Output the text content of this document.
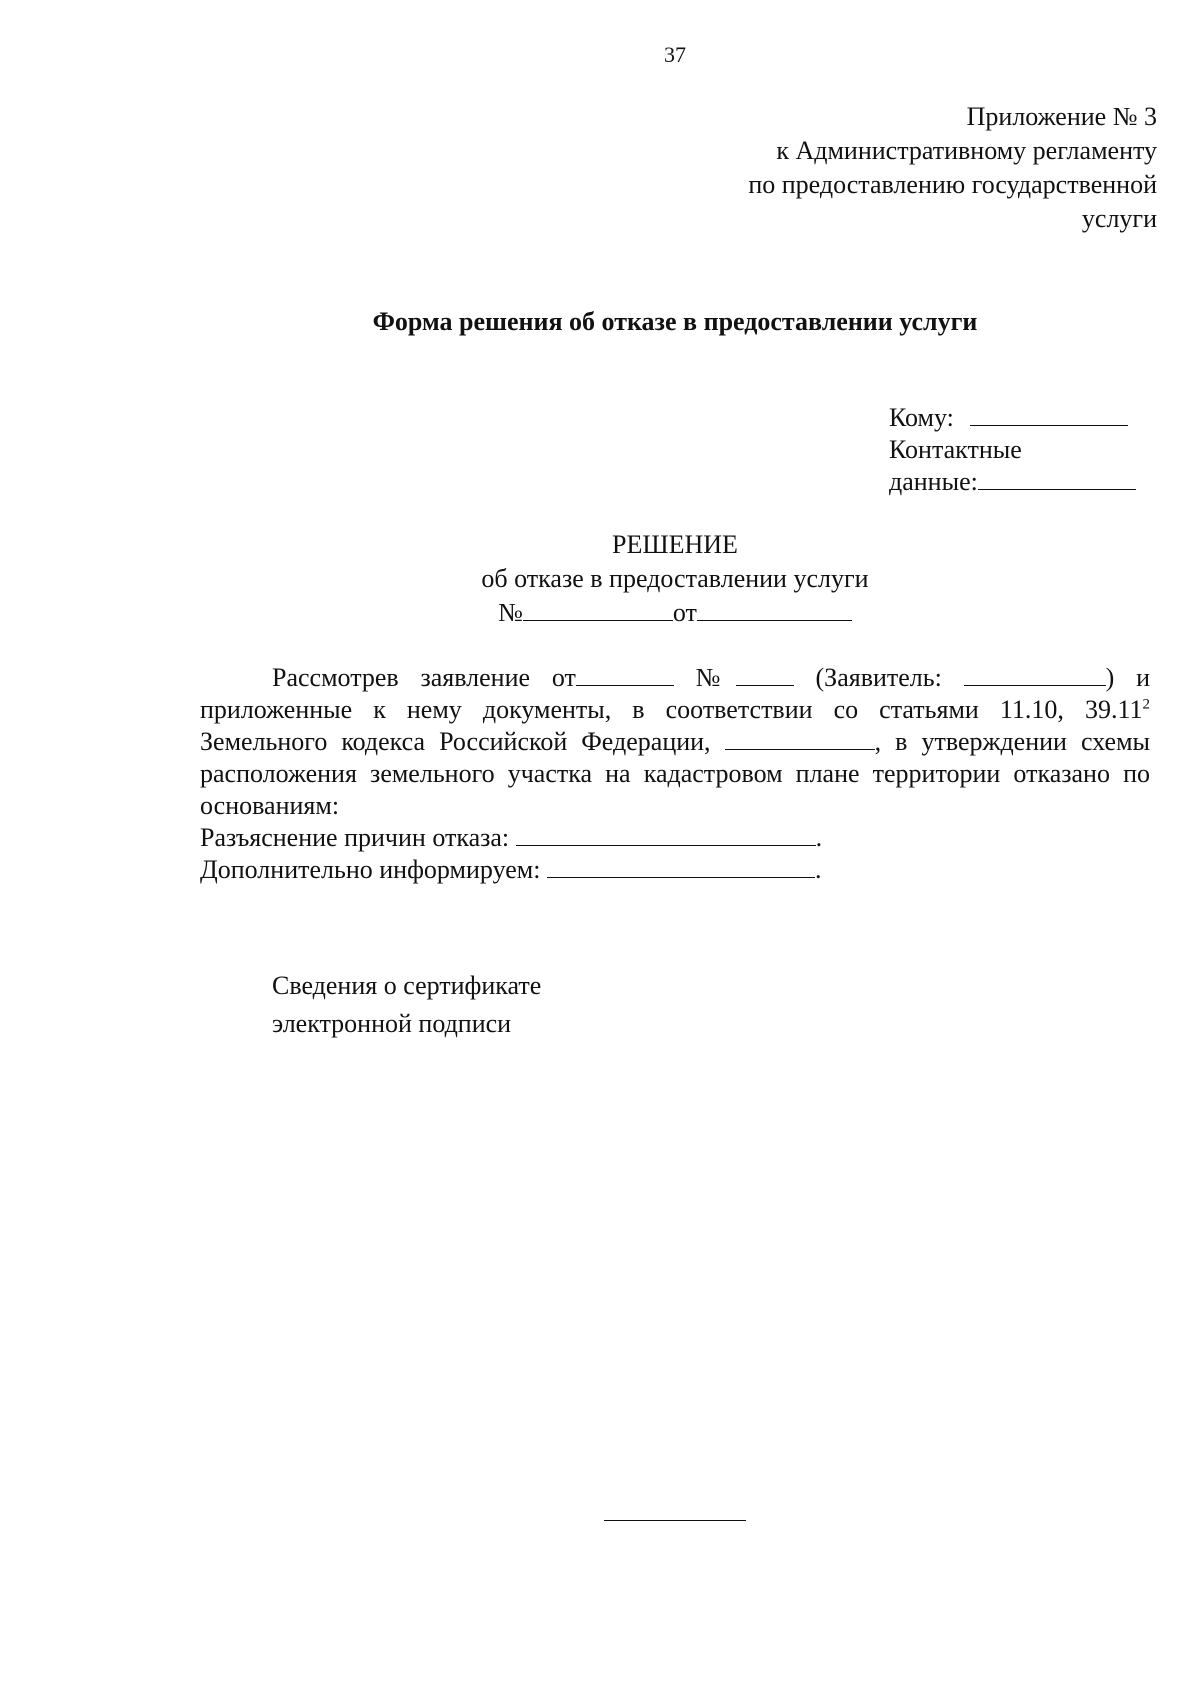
37
Приложение № 3
к Административному регламенту
по предоставлению государственной
услуги
Форма решения об отказе в предоставлении услуги
Кому:
Контактные
данные:
РЕШЕНИЕ
об отказе в предоставлении услуги
№	от
Рассмотрев заявление от	№	(Заявитель:	) и приложенные к нему документы, в соответствии со статьями 11.10, 39.11$^2$ Земельного кодекса Российской Федерации,	, в утверждении схемы расположения земельного участка на кадастровом плане территории отказано по основаниям:
Разъяснение причин отказа:	.
Дополнительно информируем:	.
Сведения о сертификате
электронной подписи
